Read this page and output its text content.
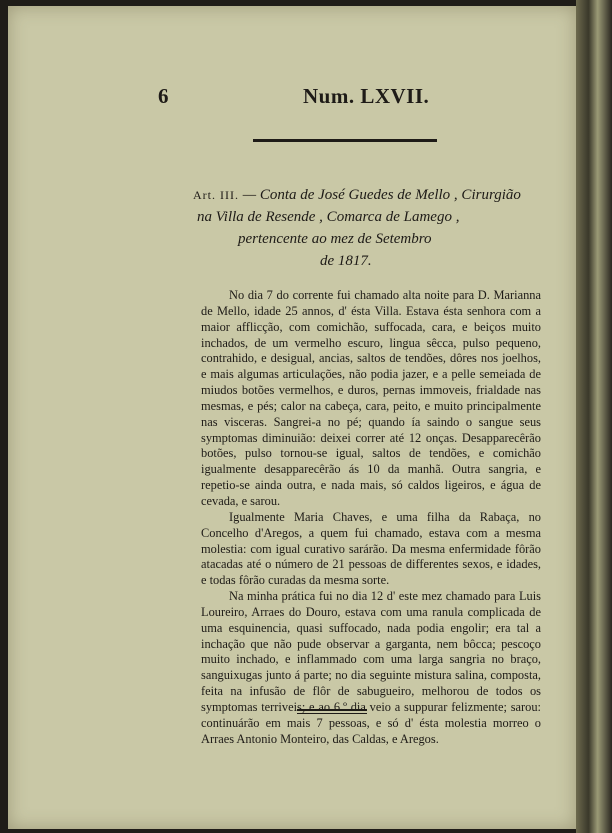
6	Num. LXVII.
Art. III. — Conta de José Guedes de Mello , Cirurgião
na Villa de Resende , Comarca de Lamego ,
pertencente ao mez de Setembro
de 1817.

No dia 7 do corrente fui chamado alta noite para D. Marianna de Mello, idade 25 annos, d' ésta Villa. Estava ésta senhora com a maior afflicção, com comichão, suffocada, cara, e beiços muito inchados, de um vermelho escuro, lingua sêcca, pulso pequeno, contrahido, e desigual, ancias, saltos de tendões, dôres nos joelhos, e mais algumas articulações, não podia jazer, e a pelle semeiada de miudos botões vermelhos, e duros, pernas immoveis, frialdade nas mesmas, e pés; calor na cabeça, cara, peito, e muito principalmente nas visceras. Sangrei-a no pé; quando ía saindo o sangue seus symptomas diminuião: deixei correr até 12 onças. Desapparecêrão botões, pulso tornou-se igual, saltos de tendões, e comichão igualmente desapparecêrão ás 10 da manhã. Outra sangria, e repetio-se ainda outra, e nada mais, só caldos ligeiros, e água de cevada, e sarou.

Igualmente Maria Chaves, e uma filha da Rabaça, no Concelho d'Aregos, a quem fui chamado, estava com a mesma molestia: com igual curativo sarárão. Da mesma enfermidade fôrão atacadas até o número de 21 pessoas de differentes sexos, e idades, e todas fôrão curadas da mesma sorte.

Na minha prática fui no dia 12 d' este mez chamado para Luis Loureiro, Arraes do Douro, estava com uma ranula complicada de uma esquinencia, quasi suffocado, nada podia engolir; era tal a inchação que não pude observar a garganta, nem bôcca; pescoço muito inchado, e inflammado com uma larga sangria no braço, sanguixugas junto á parte; no dia seguinte mistura salina, composta, feita na infusão de flôr de sabugueiro, melhorou de todos os symptomas terriveis; e ao 6.º dia veio a suppurar felizmente; sarou: continuárão em mais 7 pessoas, e só d' ésta molestia morreo o Arraes Antonio Monteiro, das Caldas, e Aregos.
